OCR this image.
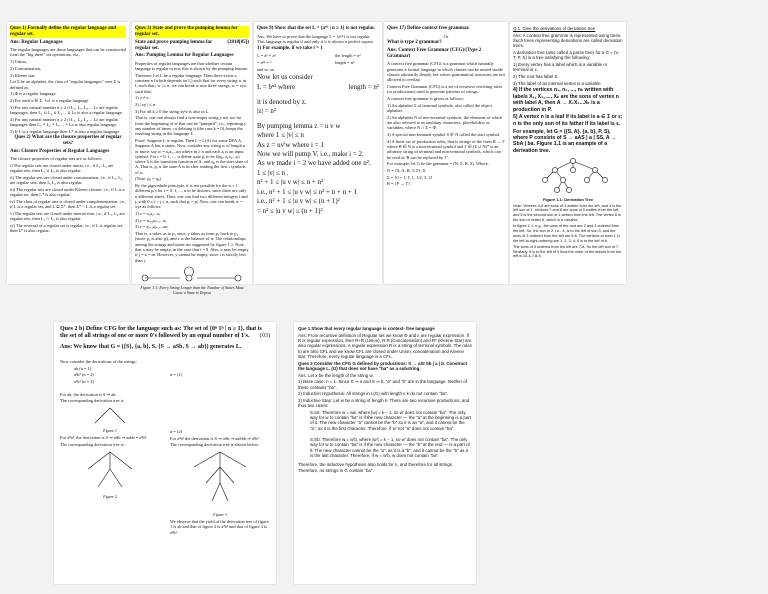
Ques 1) Formally define the regular language and regular set.

Ans: Regular Languages

The regular languages are those languages that can be constructed from the "big three" set operations, viz.,

1) Union,
2) Concatenation,
3) Kleene star.

Let Σ be an alphabet, the class of "regular languages" over Σ is defined as:

1) Φ is a regular language.
2) For each σ ∈ Σ, {σ} is a regular language.
3) For any natural number n ≥ 2 if L₁, L₂, L₃ ... Lₙ are regular languages, then L₁ ∪ L₂ ∪ L₃ ... ∪ Lₙ is also a regular language.
4) For any natural number n ≥ 2 if L₁, L₂, L₃ ... Lₙ are regular languages then L₁ ∘ L₂ ∘ L₃ ... ∘ Lₙ is also regular language.
5) If L is a regular language then L* is also a regular language.

Ques 2) What are the closure properties of regular sets?

Ans: Closure Properties of Regular Languages

The closure properties of regular sets are as follows:

i) The regular sets are closed under union, i.e., if L₁, L₂ are regular sets, then L₁ ∪ L₂ is also regular.
ii) The regular sets are closed under concatenation, i.e., if L₁, L₂ are regular sets, then L₁L₂ is also regular.
iii) The regular sets are closed under Kleene closure, i.e., if L is a regular set, then L* is also regular.
iv) The class of regular sets is closed under complementation, i.e., if L is a regular set, and L ⊆ Σ*, then Σ* − L is a regular set.
v) The regular sets are closed under intersection, i.e., if L₁, L₂ are regular sets, then L₁ ∩ L₂ is also regular.
vi) The reversal of a regular set is regular, i.e., if L is regular set, then Lᴿ is also regular.

Ques 3) State and prove the pumping lemma for regular set.

State and prove pumping lemma for regular set.
(2018[05])

Ans: Pumping Lemma for Regular Languages

Properties of regular languages are that whether certain language is regular or not; this is shown by the pumping lemma.

Theorem: Let L be a regular language. Then there exists a constant n (which depends on L) such that for every string w in L such that | w | ≥ n, we can break w into three strings, w = xyz, such that:

1) y ≠ ε.
2) | xy | ≤ n.
3) For all k ≥ 0 the string xyᵏz is also in L.

That is, one can always find a non-empty string y not too far from the beginning of w that can be "pumped"; i.e., repeating y any number of times, or deleting it (the case k = 0), keeps the resulting string in the language L.

Proof: Suppose L is regular. Then L = L(A) for some DFA A. Suppose A has n states. Now, consider any string w of length n or more, say w = a₁a₂...aₘ where m ≥ n and each aᵢ is an input symbol. For i = 0, 1, ..., n define state pᵢ to be δ(q₀, a₁a₂...aᵢ) where δ is the transition function of A, and q₀ is the start state of A. That is, pᵢ is the state A is in after reading the first i symbols of w.

(Note: p₀ = q₀)

By the pigeonhole principle, it is not possible for the n + 1 different pᵢ's for i = 0, 1, ..., n to be distinct, since there are only n different states. Thus, one can find two different integers i and j, with 0 ≤ i < j ≤ n, such that pᵢ = pⱼ. Now, one can break w = xyz as follows:

1) x = a₁a₂...aᵢ.
2) y = aᵢ₊₁aᵢ₊₂...aⱼ.
3) z = aⱼ₊₁aⱼ₊₂...aₘ.

That is, x takes us to p₁ once; y takes us from p₁ back to p₁ (since p₁ is also pⱼ), and z is the balance of w. The relationships among the strings and states are suggested by figure 1.1. Note that x may be empty, in the case that i = 0. Also, z may be empty if j = n = m. However, y cannot be empty, since i is strictly less than j.

Figure 1.1: Every String Longer than the Number of States Must Cause a State to Repeat

Ques 9) Show that the set L = {aⁿ² | n ≥ 1} is not regular.

Ans: We have to prove that the language L = {aⁿ²} is not regular. This language is regular if and only if it is always a perfect square.

1) For example, if we take i = 1

L = aⁿ ∘ aⁿ

= aⁿ² = ^

and so on.

the length = n²

length = n²

Now let us consider

L = bⁿ² where	length = n²

it is denoted by z.

|z| = n²

By pumping lemma z = u v w

where 1 ≤ |v| ≤ n

As z = uvⁱw where i = 1

Now we will pump V, i.e., make i = 2.

As we made i = 2 we have added one n².

1 ≤ |v| ≤ n .

n² + 1 ≤ |u v w| ≤ n + n²

i.e., n² + 1 ≤ |u v w| ≤ n² + n + n + 1

i.e., n² + 1 ≤ |u v w| ≤ (n + 1)²

= n² ≤ |u v w| ≤ (n + 1)²

Ques 17) Define context free grammar.

Or

What is type 2 grammar?

Ans: Context Free Grammar (CFG)/(Type 2 Grammar)

A context free grammar (CFG) is a grammar which naturally generates a formal language in which clauses can be nested inside clauses arbitrarily deeply, but where grammatical structures are not allowed to overlap.

Context Free Grammar (CFG) is a set of recursive rewriting rules (or productions) used to generate patterns of strings.

A context free grammar is given as follows:

1) An alphabet Σ of terminal symbols, also called the object alphabet.
2) An alphabet N of non-terminal symbols, the elements of which are also referred to as auxiliary characters, placeholders or, variables, where N ∩ Σ = Φ.
3) A special non-terminal symbol S ∈ N called the start symbol.
4) A finite set of production rules, that is strings of the form R → Γ where R ∈ N is a non-terminal symbol and Γ ∈ (Σ ∪ N)* is an arbitrary string of terminal and non-terminal symbols, which can be read as 'R can be replaced by Γ'.

For example, let G be the grammar = (N, Σ, R, S). Where,

N = {S, A, B, T, F}, Σ
Σ = {0 + 1, Γ, 1, 1/2, 3, 2}
R = {P → T}

Q.1. Give the derivations of derivation tree

Ans: A context free grammar is represented using trees. Such trees representing derivations are called derivation trees.

A derivation tree (also called a parse tree) for a G = (V, T, P, S) is a tree satisfying the following:

1) Every vertex has a label which is a variable or terminal or ε.

2) The root has label S.

3) The label of an internal vertex is a variable.

4) If the vertices n₁, n₂, ..., nₖ written with labels X₁, X₂, ..., Xₖ are the sons of vertex n with label A, then A → X₁X₂...Xₖ is a production in P.

5) A vertex n is a leaf if its label is a ∈ Σ or ε; n is the only son of its father if its label is ε.

For example, let G = ({S, A}, {a, b}, P, S), where P consists of S → aAS | a | SS, A → SbA | ba. Figure 1.1 is an example of a derivation tree.

Figure 1.1: Derivation Tree

Note: Vertices 4-6 are sons of 3 written from the left, and 3 is the left son of 1. Vertices 7 and 8 are sons of 5 written from the left, and 5 is the second son of 1 written from the left. The vertex 8 is the son of vertex 6, which is a variable.

In figure 1.1, e.g., the sons of the root are 2 and 3 ordered from the left. So, the son of 2, i.e., 4, is to the left of son 3, and the sons of 3 ordered from the left are 5-6. The vertices at level 1 in the left-to-right ordering are 1, 2, 3, 4; 5 is to the left of 6.

The sons of 3 ordered from the left are 7-8. So the left son of 7. Similarly, 8 is to the left of 9 thus the order of the leaves from the left is 10-4-7-8-9.

Ques 2 b) Define CFG for the language such as: The set of {0ⁿ 1ⁿ | n ≥ 1}, that is the set of all strings of one or more 0's followed by an equal number of 1's. (03)

Ans: We know that G = ({S}, {a, b}, S, {S → aSb, S → ab}) generates L.

Now consider the derivations of the strings:

ab (n = 1)
a²b² (n = 2)
a³b³ (n = 3)

For ab, the derivation is S ⇒ ab.

The corresponding derivation tree is

Figure 1

For a²b², the derivation is S ⇒ aSb ⇒ aabb = a²b².

The corresponding derivation tree is:

Figure 2

n = (1)

n = (2)

For a³b³ the derivation is S ⇒ aSb ⇒ aaSbb ⇒ a³b³.

The corresponding derivation tree is shown below:

Figure 3

We observe that the yield of the derivation tree of figure 1 is ab and that of figure 2 is a²b² and that of figure 3 is a³b³.

Que 1 Show that every regular language is context- free language

Ans: From recursive definition of Regular set we know Φ and ε are regular expression. If R is regular expression, then R+R (Union), R.R (Concatenation) and R* (Kleene Star) are also regular expressions. A regular expression R is a string of terminal symbols. The rules to are also CFL and we know CFL are closed under Union, concatenation and Kleene star. Therefore, every regular language is a CFL.

Ques 2 Consider the CFG G defined by productions: S → aSI Sb | a | b. Construct the language L. (G) that does not have "ba" as a substring.

Ans: Let x be the length of the string w.

1) Base case: n = 1. Since S ⇒ a and S ⇒ b, "a" and "b" are in the language. Neither of these contains "ba".

2) Induction Hypothesis: All strings in L(G) with length ≤ k do not contain "ba".

3) Inductive Step: Let w be a string of length k. There are two recursive productions, and thus two cases:

S.aS: Therefore w = aw, where |w| = k − 1, so w' does not contain "ba". The only way for w to contain "ba" is if the new character — the "a" at the beginning is a part of it. The new character "a" cannot be the "b" so it is an "a", and it cannot be the "a", as it is the first character. Therefore, if w' not "a" does not contain "ba".
S.Sb: Therefore w = w'b, where |w'| = k − 1, so w' does not contain "ba". The only way for w to contain "ba" is if the new character — the "b" at the end — is a part of it. The new character cannot be the "a", as it is a "b", and it cannot be the "b" as it is the last character. Therefore, if w = w'b, w does not contain "ba".

Therefore, the inductive hypothesis also holds for n, and therefore for all strings. Therefore, no strings in G contain "ba".
